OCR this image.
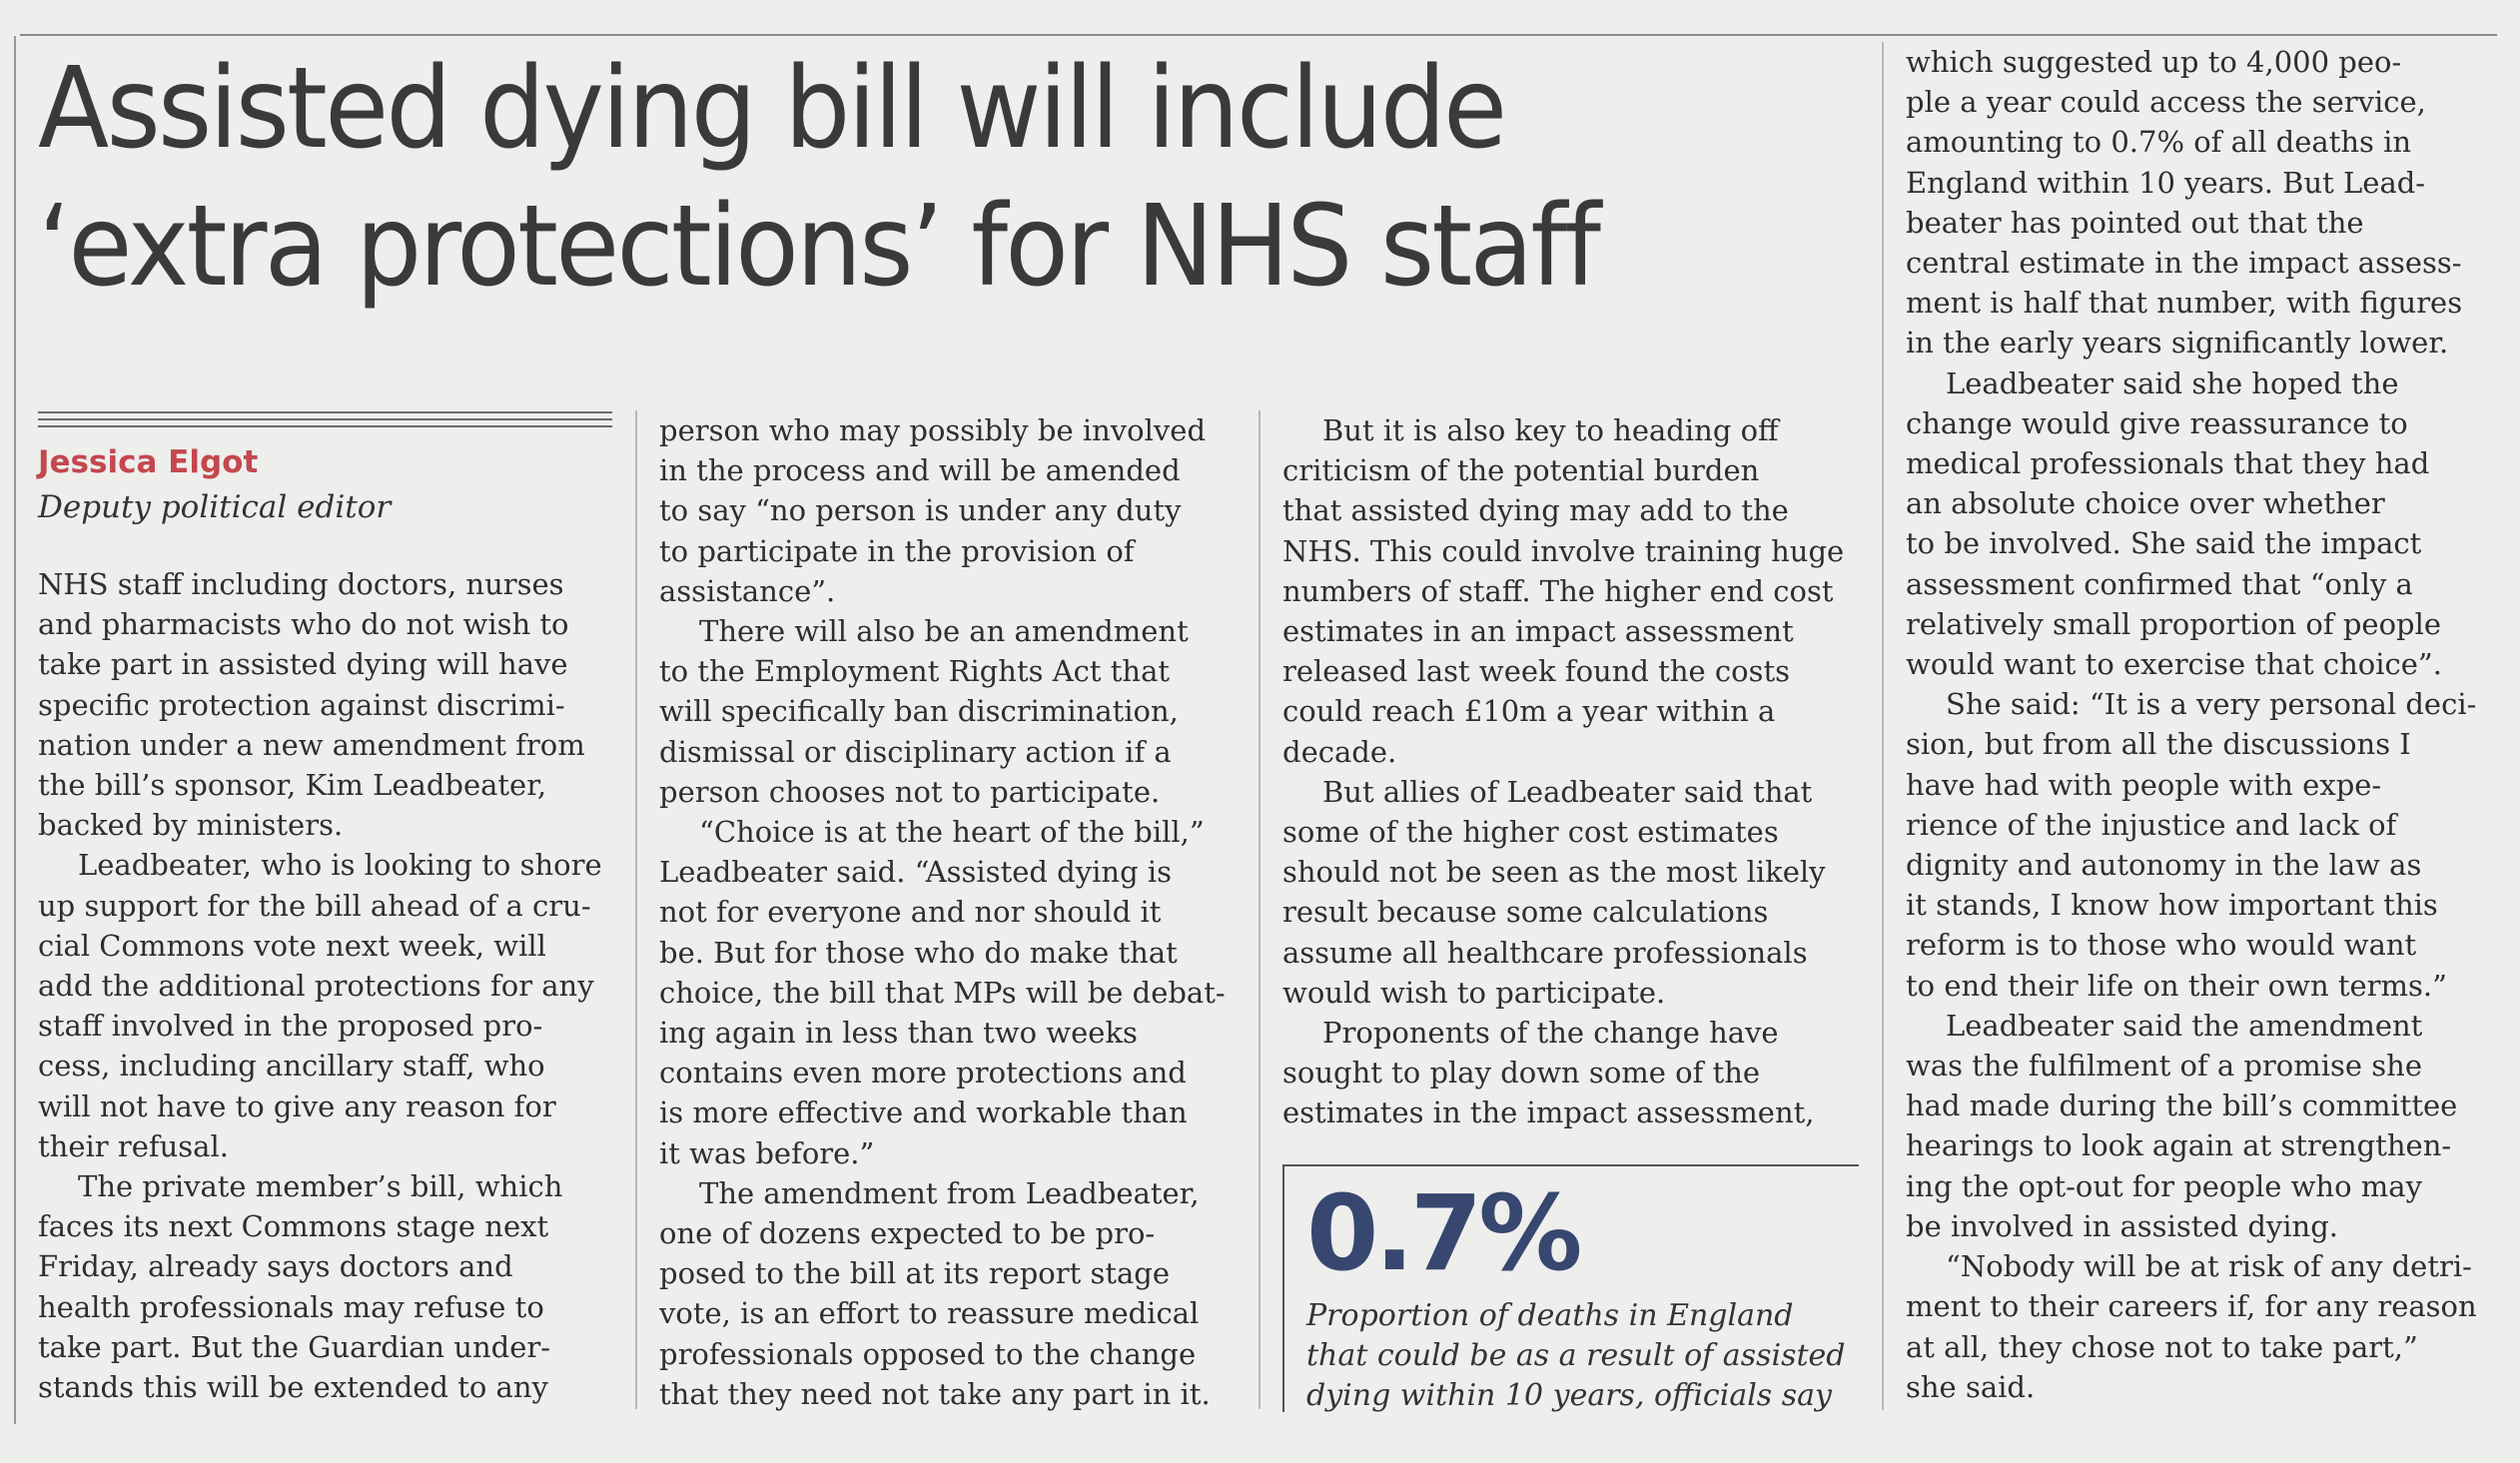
Assisted dying bill will include
‘extra protections’ for NHS staff
Jessica Elgot
Deputy political editor
NHS staff including doctors, nurses
and pharmacists who do not wish to
take part in assisted dying will have
specific protection against discrimi-
nation under a new amendment from
the bill’s sponsor, Kim Leadbeater,
backed by ministers.
Leadbeater, who is looking to shore
up support for the bill ahead of a cru-
cial Commons vote next week, will
add the additional protections for any
staff involved in the proposed pro-
cess, including ancillary staff, who
will not have to give any reason for
their refusal.
The private member’s bill, which
faces its next Commons stage next
Friday, already says doctors and
health professionals may refuse to
take part. But the Guardian under-
stands this will be extended to any
person who may possibly be involved
in the process and will be amended
to say “no person is under any duty
to participate in the provision of
assistance”.
There will also be an amendment
to the Employment Rights Act that
will specifically ban discrimination,
dismissal or disciplinary action if a
person chooses not to participate.
“Choice is at the heart of the bill,”
Leadbeater said. “Assisted dying is
not for everyone and nor should it
be. But for those who do make that
choice, the bill that MPs will be debat-
ing again in less than two weeks
contains even more protections and
is more effective and workable than
it was before.”
The amendment from Leadbeater,
one of dozens expected to be pro-
posed to the bill at its report stage
vote, is an effort to reassure medical
professionals opposed to the change
that they need not take any part in it.
But it is also key to heading off
criticism of the potential burden
that assisted dying may add to the
NHS. This could involve training huge
numbers of staff. The higher end cost
estimates in an impact assessment
released last week found the costs
could reach £10m a year within a
decade.
But allies of Leadbeater said that
some of the higher cost estimates
should not be seen as the most likely
result because some calculations
assume all healthcare professionals
would wish to participate.
Proponents of the change have
sought to play down some of the
estimates in the impact assessment,
0.7%
Proportion of deaths in England
that could be as a result of assisted
dying within 10 years, officials say
which suggested up to 4,000 peo-
ple a year could access the service,
amounting to 0.7% of all deaths in
England within 10 years. But Lead-
beater has pointed out that the
central estimate in the impact assess-
ment is half that number, with figures
in the early years significantly lower.
Leadbeater said she hoped the
change would give reassurance to
medical professionals that they had
an absolute choice over whether
to be involved. She said the impact
assessment confirmed that “only a
relatively small proportion of people
would want to exercise that choice”.
She said: “It is a very personal deci-
sion, but from all the discussions I
have had with people with expe-
rience of the injustice and lack of
dignity and autonomy in the law as
it stands, I know how important this
reform is to those who would want
to end their life on their own terms.”
Leadbeater said the amendment
was the fulfilment of a promise she
had made during the bill’s committee
hearings to look again at strengthen-
ing the opt-out for people who may
be involved in assisted dying.
“Nobody will be at risk of any detri-
ment to their careers if, for any reason
at all, they chose not to take part,”
she said.
